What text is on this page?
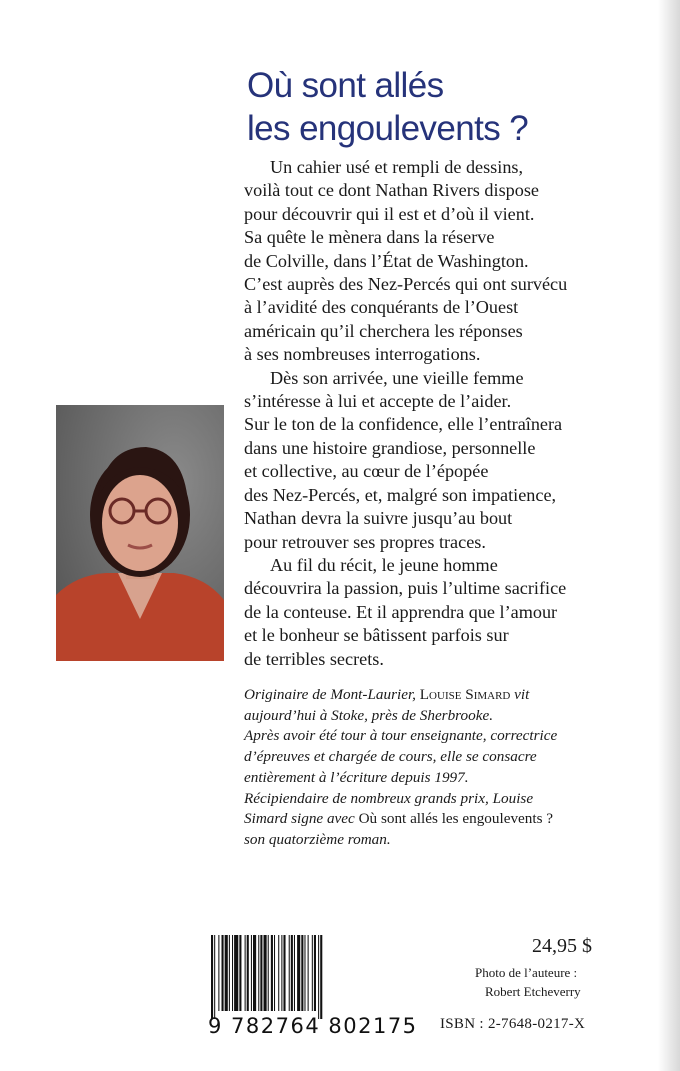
Où sont allés
les engoulevents ?

Un cahier usé et rempli de dessins,
voilà tout ce dont Nathan Rivers dispose
pour découvrir qui il est et d’où il vient.
Sa quête le mènera dans la réserve
de Colville, dans l’État de Washington.
C’est auprès des Nez-Percés qui ont survécu
à l’avidité des conquérants de l’Ouest
américain qu’il cherchera les réponses
à ses nombreuses interrogations.

Dès son arrivée, une vieille femme
s’intéresse à lui et accepte de l’aider.
Sur le ton de la confidence, elle l’entraînera
dans une histoire grandiose, personnelle
et collective, au cœur de l’épopée
des Nez-Percés, et, malgré son impatience,
Nathan devra la suivre jusqu’au bout
pour retrouver ses propres traces.

Au fil du récit, le jeune homme
découvrira la passion, puis l’ultime sacrifice
de la conteuse. Et il apprendra que l’amour
et le bonheur se bâtissent parfois sur
de terribles secrets.

Originaire de Mont-Laurier, Louise Simard vit
aujourd’hui à Stoke, près de Sherbrooke.
Après avoir été tour à tour enseignante, correctrice
d’épreuves et chargée de cours, elle se consacre
entièrement à l’écriture depuis 1997.
Récipiendaire de nombreux grands prix, Louise
Simard signe avec Où sont allés les engoulevents ?
son quatorzième roman.
9 782764 802175
24,95 $
Photo de l’auteure :
Robert Etcheverry
ISBN : 2-7648-0217-X
